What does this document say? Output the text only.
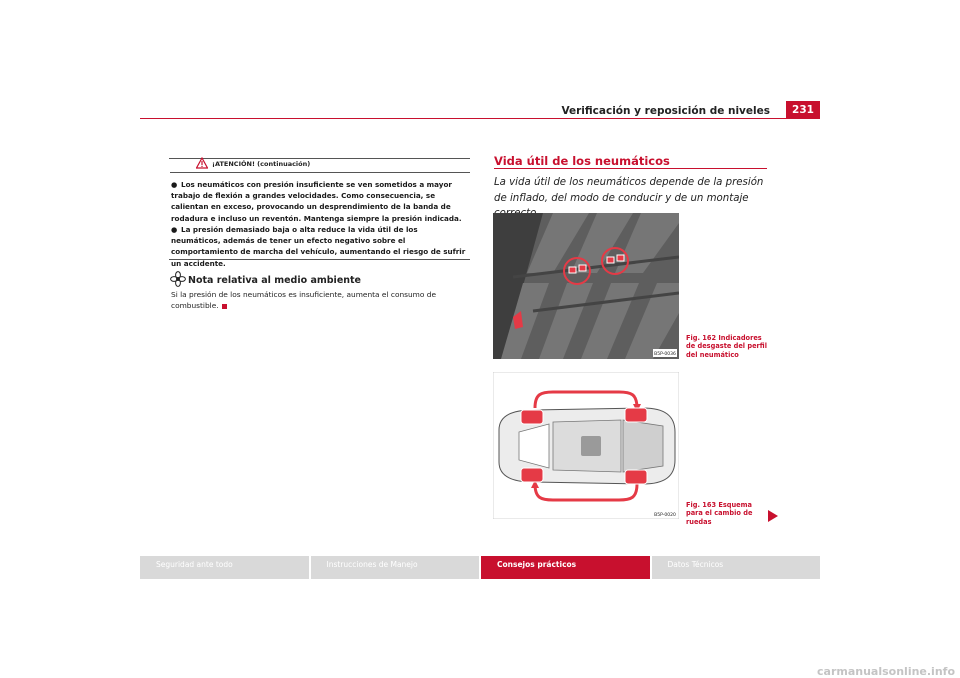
Verificación y reposición de niveles	231
¡ATENCIÓN! (continuación)
● Los neumáticos con presión insuficiente se ven sometidos a mayor trabajo de flexión a grandes velocidades. Como consecuencia, se calientan en exceso, provocando un desprendimiento de la banda de rodadura e incluso un reventón. Mantenga siempre la presión indicada.
● La presión demasiado baja o alta reduce la vida útil de los neumáticos, además de tener un efecto negativo sobre el comportamiento de marcha del vehículo, aumentando el riesgo de sufrir un accidente.
Nota relativa al medio ambiente
Si la presión de los neumáticos es insuficiente, aumenta el consumo de combustible.
Vida útil de los neumáticos
La vida útil de los neumáticos depende de la presión de inflado, del modo de conducir y de un montaje
B5P-0036
Fig. 162 Indicadores de desgaste del perfil del neumático
B5P-0020
Fig. 163 Esquema para el cambio de ruedas
Seguridad ante todo	Instrucciones de Manejo	Consejos prácticos	Datos Técnicos
carmanualsonline.info
